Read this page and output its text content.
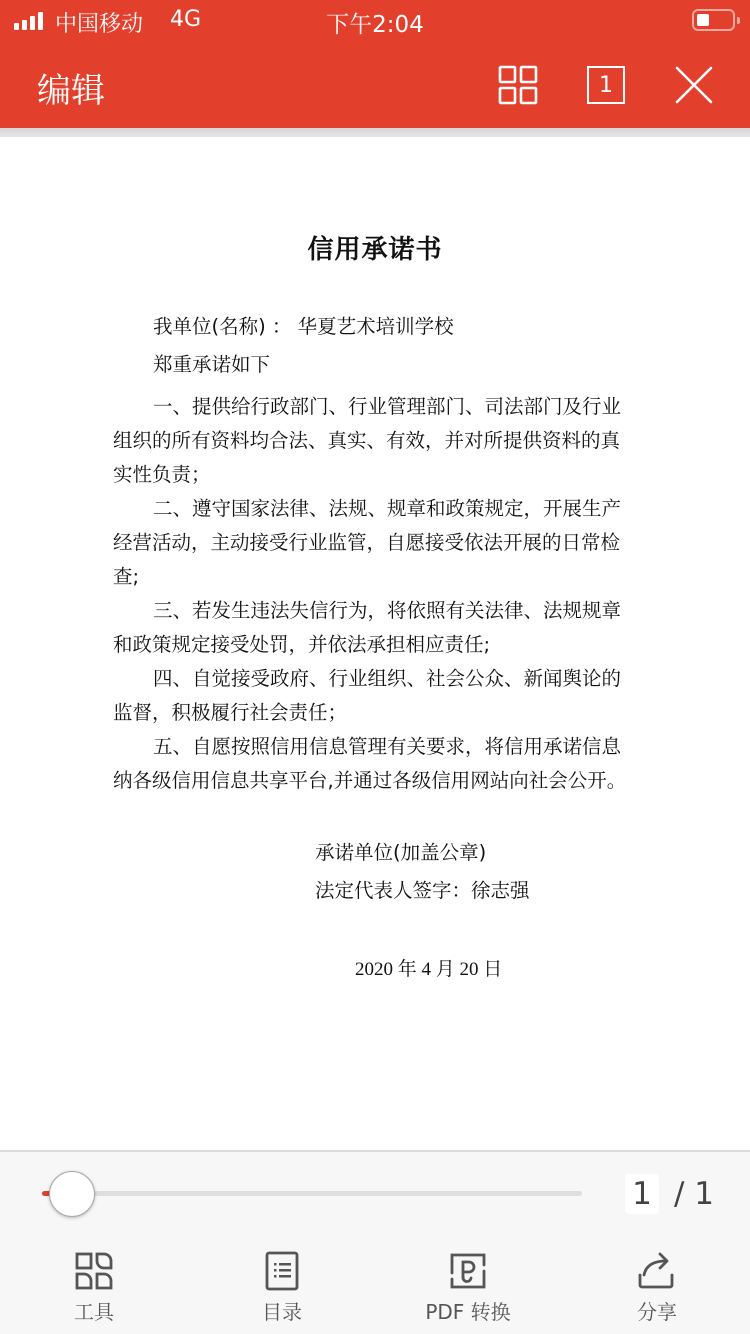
中国移动 4G	下午2:04
编辑	1
信用承诺书
我单位(名称) ： 华夏艺术培训学校
郑重承诺如下
一、提供给行政部门、行业管理部门、司法部门及行业
组织的所有资料均合法、真实、有效，并对所提供资料的真
实性负责；
二、遵守国家法律、法规、规章和政策规定，开展生产
经营活动，主动接受行业监管，自愿接受依法开展的日常检
查;
三、若发生违法失信行为，将依照有关法律、法规规章
和政策规定接受处罚，并依法承担相应责任;
四、自觉接受政府、行业组织、社会公众、新闻舆论的
监督，积极履行社会责任；
五、自愿按照信用信息管理有关要求，将信用承诺信息
纳各级信用信息共享平台,并通过各级信用网站向社会公开。
承诺单位(加盖公章)
法定代表人签字：徐志强
2020 年 4 月 20 日
1 / 1
工具	目录	PDF 转换	分享
